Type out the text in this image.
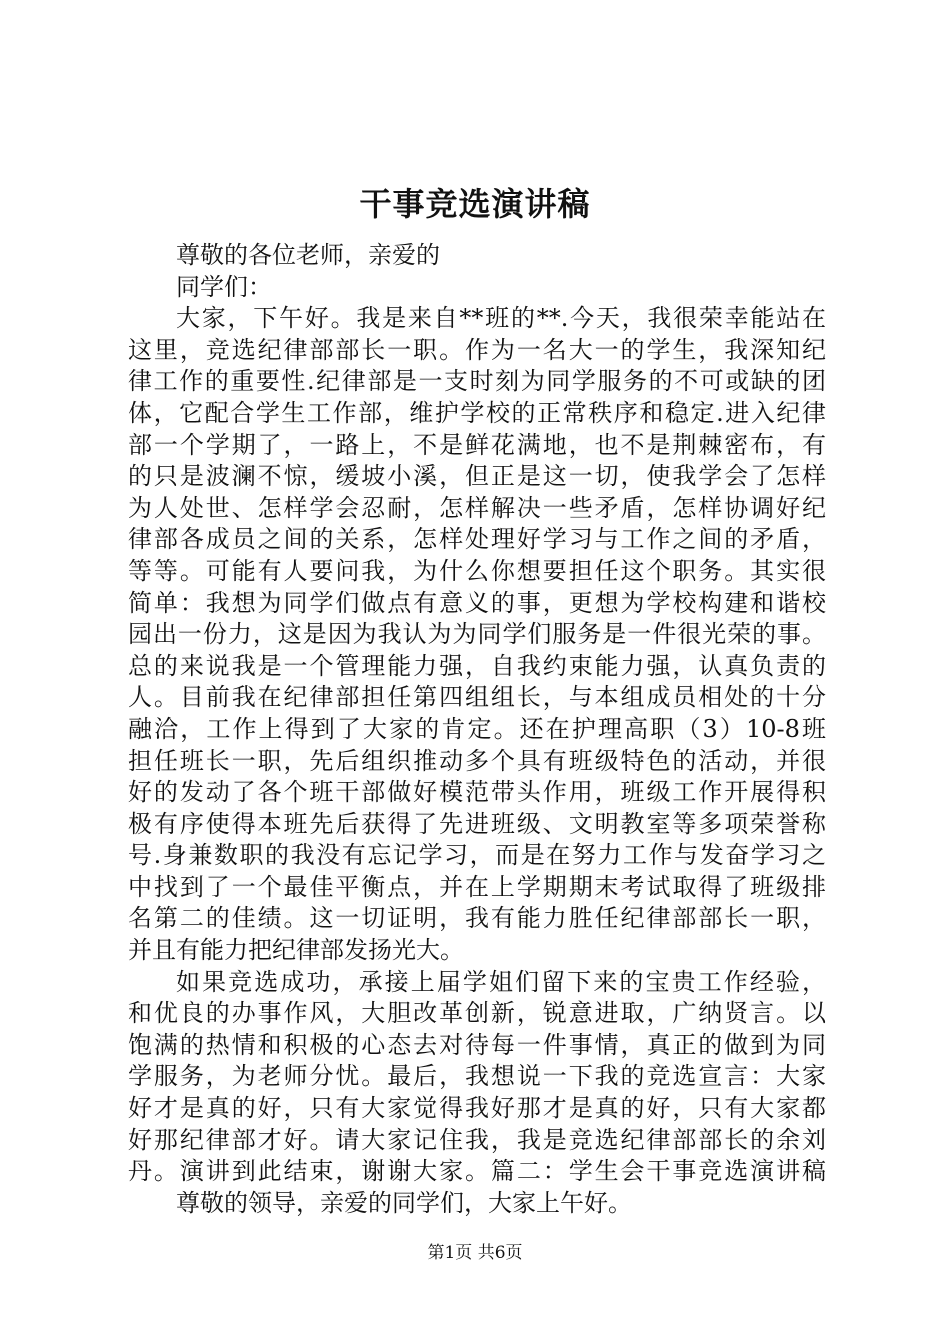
干事竞选演讲稿
尊敬的各位老师，亲爱的
同学们：
大家，下午好。我是来自**班的**.今天，我很荣幸能站在
这里，竞选纪律部部长一职。作为一名大一的学生，我深知纪
律工作的重要性.纪律部是一支时刻为同学服务的不可或缺的团
体，它配合学生工作部，维护学校的正常秩序和稳定.进入纪律
部一个学期了，一路上，不是鲜花满地，也不是荆棘密布，有
的只是波澜不惊，缓坡小溪，但正是这一切，使我学会了怎样
为人处世、怎样学会忍耐，怎样解决一些矛盾，怎样协调好纪
律部各成员之间的关系，怎样处理好学习与工作之间的矛盾，
等等。可能有人要问我，为什么你想要担任这个职务。其实很
简单：我想为同学们做点有意义的事，更想为学校构建和谐校
园出一份力，这是因为我认为为同学们服务是一件很光荣的事。
总的来说我是一个管理能力强，自我约束能力强，认真负责的
人。目前我在纪律部担任第四组组长，与本组成员相处的十分
融洽，工作上得到了大家的肯定。还在护理高职（3）10-8班
担任班长一职，先后组织推动多个具有班级特色的活动，并很
好的发动了各个班干部做好模范带头作用，班级工作开展得积
极有序使得本班先后获得了先进班级、文明教室等多项荣誉称
号.身兼数职的我没有忘记学习，而是在努力工作与发奋学习之
中找到了一个最佳平衡点，并在上学期期末考试取得了班级排
名第二的佳绩。这一切证明，我有能力胜任纪律部部长一职，
并且有能力把纪律部发扬光大。
如果竞选成功，承接上届学姐们留下来的宝贵工作经验，
和优良的办事作风，大胆改革创新，锐意进取，广纳贤言。以
饱满的热情和积极的心态去对待每一件事情，真正的做到为同
学服务，为老师分忧。最后，我想说一下我的竞选宣言：大家
好才是真的好，只有大家觉得我好那才是真的好，只有大家都
好那纪律部才好。请大家记住我，我是竞选纪律部部长的余刘
丹。演讲到此结束，谢谢大家。篇二：学生会干事竞选演讲稿
尊敬的领导，亲爱的同学们，大家上午好。
第1页 共6页
